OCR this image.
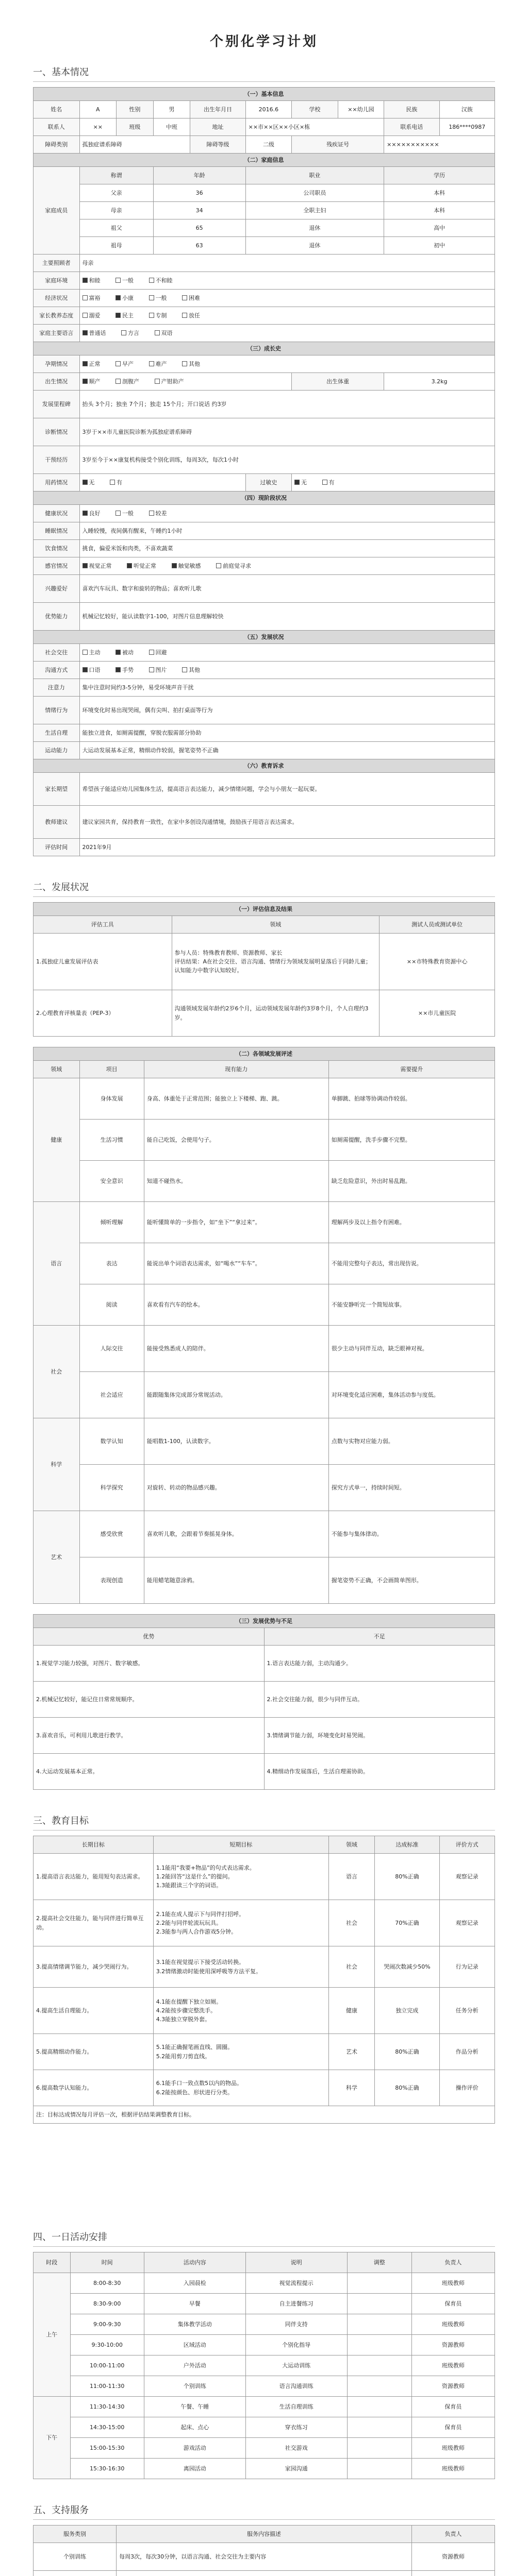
个别化学习计划
一、基本情况
（一）基本信息									
姓名	A	性别	男	出生年月日	2016.6	学校	××幼儿园	民族	汉族
联系人	××	班级	中班	地址	××市××区××小区×栋			联系电话	186****0987
障碍类别	孤独症谱系障碍			障碍等级	二级	残疾证号		×××××××××××	
（二）家庭信息									
家庭成员	称谓		年龄		职业			学历	
	父亲		36		公司职员			本科	
	母亲		34		全职主妇			本科	
	祖父		65		退休			高中	
	祖母		63		退休			初中	
主要照顾者	母亲								
家庭环境	和睦 一般 不和睦								
经济状况	富裕 小康 一般 困难								
家长教养态度	溺爱 民主 专制 放任								
家庭主要语言	普通话 方言 双语								
（三）成长史									
孕期情况	正常 早产 难产 其他								
出生情况	顺产 剖腹产 产钳助产					出生体重		3.2kg	
发展里程碑	抬头 3个月；独坐 7个月；独走 15个月；开口说话 约3岁								
诊断情况	3岁于××市儿童医院诊断为孤独症谱系障碍								
干预经历	3岁至今于××康复机构接受个别化训练，每周3次，每次1小时								
用药情况	无 有				过敏史	无 有			
（四）现阶段状况									
健康状况	良好 一般 较差								
睡眠情况	入睡较慢，夜间偶有醒来，午睡约1小时								
饮食情况	挑食，偏爱米饭和肉类，不喜欢蔬菜								
感官情况	视觉正常 听觉正常 触觉敏感 前庭觉寻求								
兴趣爱好	喜欢汽车玩具、数字和旋转的物品；喜欢听儿歌								
优势能力	机械记忆较好，能认读数字1-100，对图片信息理解较快								
（五）发展状况									
社会交往	主动 被动 回避								
沟通方式	口语 手势 图片 其他								
注意力	集中注意时间约3-5分钟，易受环境声音干扰								
情绪行为	环境变化时易出现哭闹，偶有尖叫、拍打桌面等行为								
生活自理	能独立进食，如厕需提醒，穿脱衣服需部分协助								
运动能力	大运动发展基本正常，精细动作较弱，握笔姿势不正确								
（六）教育诉求									
家长期望	希望孩子能适应幼儿园集体生活，提高语言表达能力，减少情绪问题，学会与小朋友一起玩耍。								
教师建议	建议家园共育，保持教育一致性，在家中多创设沟通情境，鼓励孩子用语言表达需求。								
评估时间	2021年9月								
二、发展状况
（一）评估信息及结果		
评估工具	领域	测试人员或测试单位
1.孤独症儿童发展评估表	参与人员：特殊教育教师、资源教师、家长
评估结果：A在社会交往、语言沟通、情绪行为领域发展明显落后于同龄儿童；认知能力中数字认知较好。	××市特殊教育资源中心
2.心理教育评核量表（PEP-3）	沟通领域发展年龄约2岁6个月，运动领域发展年龄约3岁8个月，个人自理约3岁。	××市儿童医院
（二）各领域发展评述			
领域	项目	现有能力	需要提升
健康	身体发展	身高、体重处于正常范围；能独立上下楼梯、跑、跳。	单脚跳、拍球等协调动作较弱。
	生活习惯	能自己吃饭，会使用勺子。	如厕需提醒，洗手步骤不完整。
	安全意识	知道不碰热水。	缺乏危险意识，外出时易乱跑。
语言	倾听理解	能听懂简单的一步指令，如“坐下”“拿过来”。	理解两步及以上指令有困难。
	表达	能说出单个词语表达需求，如“喝水”“车车”。	不能用完整句子表达，常出现仿说。
	阅读	喜欢看有汽车的绘本。	不能安静听完一个简短故事。
社会	人际交往	能接受熟悉成人的陪伴。	很少主动与同伴互动，缺乏眼神对视。
	社会适应	能跟随集体完成部分常规活动。	对环境变化适应困难，集体活动参与度低。
科学	数学认知	能唱数1-100，认读数字。	点数与实物对应能力弱。
	科学探究	对旋转、转动的物品感兴趣。	探究方式单一，持续时间短。
艺术	感受欣赏	喜欢听儿歌，会跟着节奏摇晃身体。	不能参与集体律动。
	表现创造	能用蜡笔随意涂鸦。	握笔姿势不正确，不会画简单图形。
（三）发展优势与不足	
优势	不足
1.视觉学习能力较强，对图片、数字敏感。	1.语言表达能力弱，主动沟通少。
2.机械记忆较好，能记住日常常规顺序。	2.社会交往能力弱，很少与同伴互动。
3.喜欢音乐，可利用儿歌进行教学。	3.情绪调节能力弱，环境变化时易哭闹。
4.大运动发展基本正常。	4.精细动作发展落后，生活自理需协助。
三、教育目标
长期目标	短期目标	领域	达成标准	评价方式
1.提高语言表达能力，能用短句表达需求。	1.1能用“我要+物品”的句式表达需求。
1.2能回答“这是什么”的提问。
1.3能跟读三个字的词语。	语言	80%正确	观察记录
2.提高社会交往能力，能与同伴进行简单互动。	2.1能在成人提示下与同伴打招呼。
2.2能与同伴轮流玩玩具。
2.3能参与两人合作游戏5分钟。	社会	70%正确	观察记录
3.提高情绪调节能力，减少哭闹行为。	3.1能在视觉提示下接受活动转换。
3.2情绪激动时能使用深呼吸等方法平复。	社会	哭闹次数减少50%	行为记录
4.提高生活自理能力。	4.1能在提醒下独立如厕。
4.2能按步骤完整洗手。
4.3能独立穿脱外套。	健康	独立完成	任务分析
5.提高精细动作能力。	5.1能正确握笔画直线、圆圈。
5.2能用剪刀剪直线。	艺术	80%正确	作品分析
6.提高数学认知能力。	6.1能手口一致点数5以内的物品。
6.2能按颜色、形状进行分类。	科学	80%正确	操作评价
注：目标达成情况每月评估一次，根据评估结果调整教育目标。				
四、一日活动安排
时段	时间	活动内容	说明	调整	负责人
上午	8:00-8:30	入园晨检	视觉流程提示		班级教师
	8:30-9:00	早餐	自主进餐练习		保育员
	9:00-9:30	集体教学活动	同伴支持		班级教师
	9:30-10:00	区域活动	个别化指导		资源教师
	10:00-11:00	户外活动	大运动训练		班级教师
	11:00-11:30	个别训练	语言沟通训练		资源教师
下午	11:30-14:30	午餐、午睡	生活自理训练		保育员
	14:30-15:00	起床、点心	穿衣练习		保育员
	15:00-15:30	游戏活动	社交游戏		班级教师
	15:30-16:30	离园活动	家园沟通		班级教师
五、支持服务
服务类别	服务内容描述	负责人
个别训练	每周3次，每次30分钟，以语言沟通、社会交往为主要内容	资源教师
